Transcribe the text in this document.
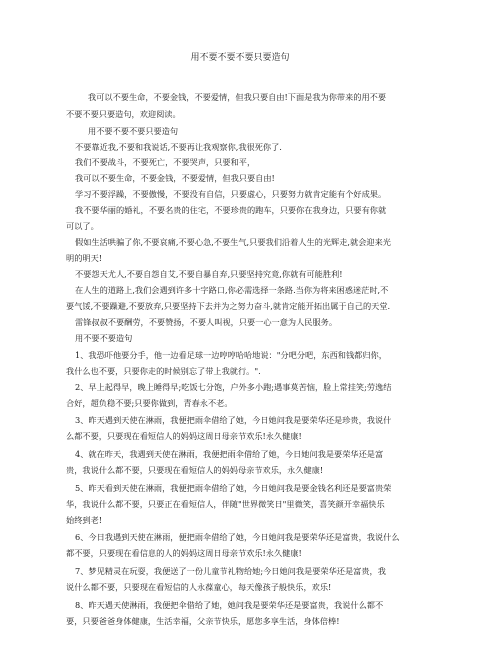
用不要不要不要只要造句
我可以不要生命，不要金钱，不要爱情，但我只要自由!下面是我为你带来的用不要
不要不要只要造句，欢迎阅读。
用不要不要不要只要造句
不要靠近我,不要和我说话,不要再让我观察你,我很死你了.
我们不要战斗，不要死亡，不要哭声，只要和平，
我可以不要生命，不要金钱，不要爱情，但我只要自由!
学习不要浮躁，不要傲慢，不要没有自信，只要虚心，只要努力就肯定能有个好成果。
我不要华丽的婚礼，不要名贵的住宅，不要珍贵的跑车，只要你在我身边，只要有你就
可以了。
假如生活哄骗了你,不要哀痛,不要心急,不要生气,只要我们沿着人生的光辉走,就会迎来光
明的明天!
不要怨天尤人,不要自怨自艾,不要自暴自弃,只要坚持究竟,你就有可能胜利!
在人生的道路上,我们会遇到许多十字路口,你必需选择一条路.当你为将来困惑迷茫时,不
要气馁,不要躁避,不要放弃,只要坚持下去并为之努力奋斗,就肯定能开拓出属于自己的天堂.
雷锋叔叔不要酬劳，不要赞扬，不要人叫视，只要一心一意为人民服务。
用不要不要造句
1、我恐吓他要分手，他一边看足球一边哼哼哈哈地说："分吧分吧，东西和钱都归你，
我什么也不要，只要你走的时候别忘了带上我就行。".
2、早上起得早，晚上睡得早;吃饭七分饱，户外多小跑;遇事莫苦恼，脸上常挂笑;劳逸结
合好，超负稳不要;只要你做到，青春永不老。
3、昨天遇到天使在淋雨，我便把雨伞借给了她，今日她问我是要荣华还是珍贵，我说什
么都不要，只要现在看短信人的妈妈这周日母亲节欢乐!永久健康!
4、就在昨天，我遇到天使在淋雨，我便把雨伞借给了她，今日她问我是要荣华还是富
贵，我说什么都不要，只要现在看短信人的妈妈母亲节欢乐，永久健康!
5、昨天看到天使在淋雨，我便把雨伞借给了她，今日她问我是要金钱名利还是要富贵荣
华，我说什么都不要，只要正在看短信人，伴随"世界微笑日"里微笑，喜笑颜开幸福快乐
始终到老!
6、今日我遇到天使在淋雨，便把雨伞借给了她，今日她问我是要荣华还是富贵，我说什么
都不要，只要现在看信息的人的妈妈这周日母亲节欢乐!永久健康!
7、梦见精灵在玩耍，我便送了一份儿童节礼物给她;今日她问我是要荣华还是富贵，我
说什么都不要，只要现在看短信的人永葆童心，每天像孩子般快乐，欢乐!
8、昨天遇天使淋雨，我便把伞借给了她，她问我是要荣华还是要富贵，我说什么都不
要，只要爸爸身体健康，生活幸福，父亲节快乐，愿您多享生活，身体倍棒!
